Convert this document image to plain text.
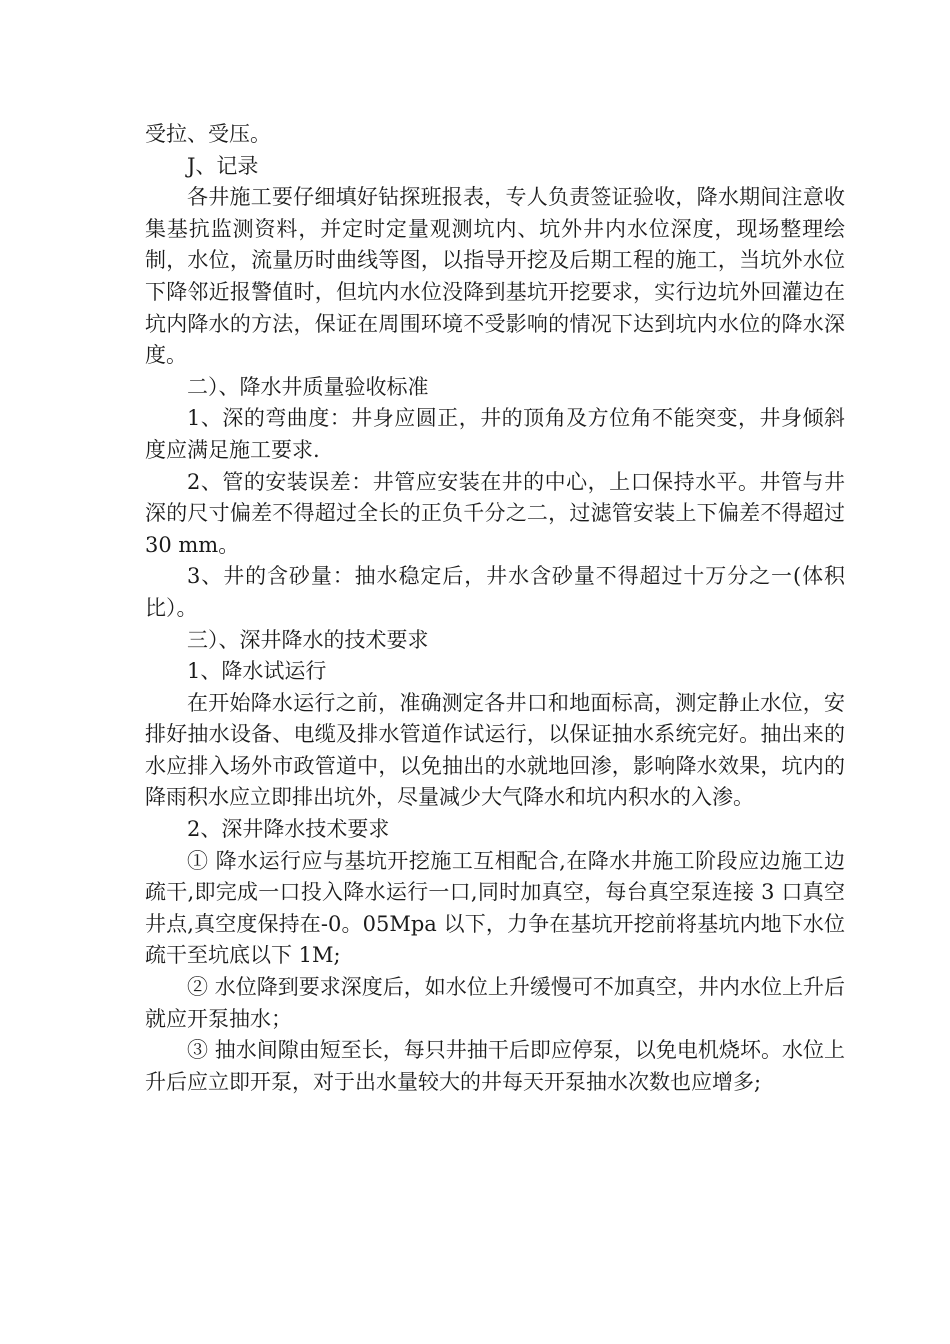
受拉、受压。

J、记录

各井施工要仔细填好钻探班报表，专人负责签证验收，降水期间注意收集基抗监测资料，并定时定量观测坑内、坑外井内水位深度，现场整理绘制，水位，流量历时曲线等图，以指导开挖及后期工程的施工，当坑外水位下降邻近报警值时，但坑内水位没降到基坑开挖要求，实行边坑外回灌边在坑内降水的方法，保证在周围环境不受影响的情况下达到坑内水位的降水深度。

二）、降水井质量验收标准

1、深的弯曲度：井身应圆正，井的顶角及方位角不能突变，井身倾斜度应满足施工要求.

2、管的安装误差：井管应安装在井的中心，上口保持水平。井管与井深的尺寸偏差不得超过全长的正负千分之二，过滤管安装上下偏差不得超过 30 mm。

3、井的含砂量：抽水稳定后，井水含砂量不得超过十万分之一(体积比）。

三）、深井降水的技术要求

1、降水试运行

在开始降水运行之前，准确测定各井口和地面标高，测定静止水位，安排好抽水设备、电缆及排水管道作试运行，以保证抽水系统完好。抽出来的水应排入场外市政管道中，以免抽出的水就地回渗，影响降水效果，坑内的降雨积水应立即排出坑外，尽量减少大气降水和坑内积水的入渗。

2、深井降水技术要求

① 降水运行应与基坑开挖施工互相配合,在降水井施工阶段应边施工边疏干,即完成一口投入降水运行一口,同时加真空，每台真空泵连接 3 口真空井点,真空度保持在-0。05Mpa 以下，力争在基坑开挖前将基坑内地下水位疏干至坑底以下 1M;

② 水位降到要求深度后，如水位上升缓慢可不加真空，井内水位上升后就应开泵抽水；

③ 抽水间隙由短至长，每只井抽干后即应停泵，以免电机烧坏。水位上升后应立即开泵，对于出水量较大的井每天开泵抽水次数也应增多;
